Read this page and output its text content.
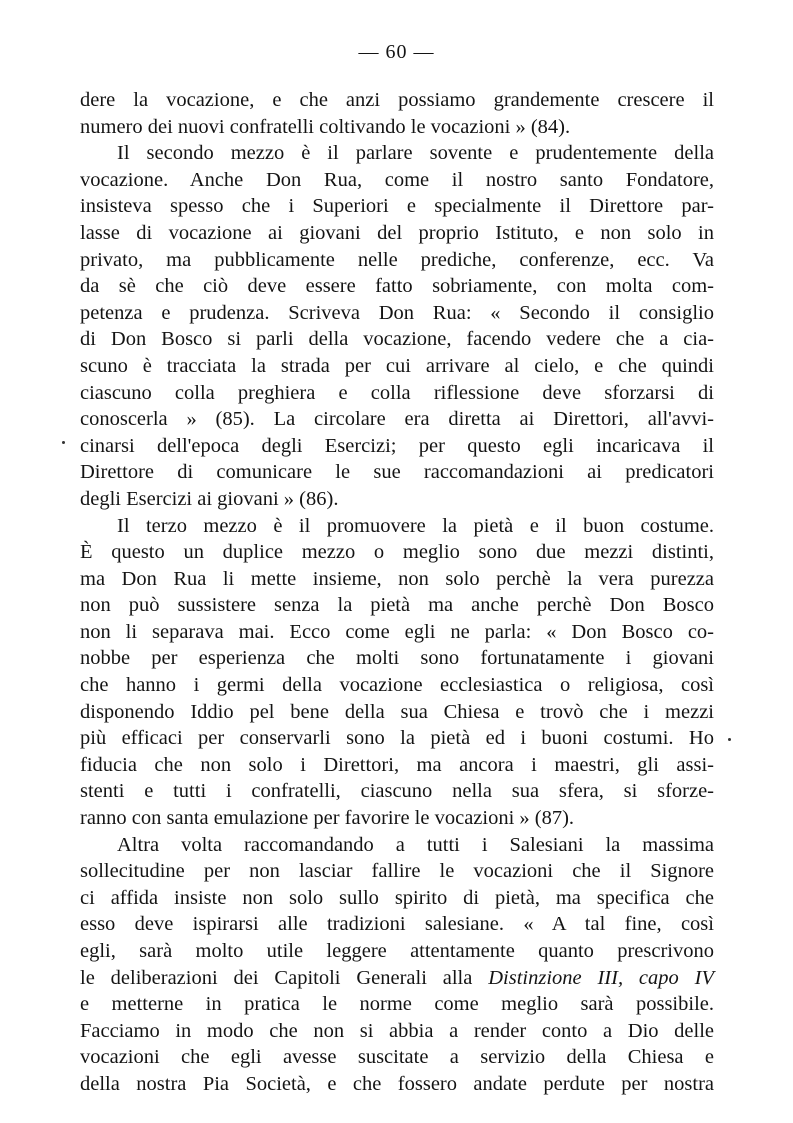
— 60 —
dere la vocazione, e che anzi possiamo grandemente crescere il
numero dei nuovi confratelli coltivando le vocazioni » (84).
Il secondo mezzo è il parlare sovente e prudentemente della
vocazione. Anche Don Rua, come il nostro santo Fondatore,
insisteva spesso che i Superiori e specialmente il Direttore par-
lasse di vocazione ai giovani del proprio Istituto, e non solo in
privato, ma pubblicamente nelle prediche, conferenze, ecc. Va
da sè che ciò deve essere fatto sobriamente, con molta com-
petenza e prudenza. Scriveva Don Rua: « Secondo il consiglio
di Don Bosco si parli della vocazione, facendo vedere che a cia-
scuno è tracciata la strada per cui arrivare al cielo, e che quindi
ciascuno colla preghiera e colla riflessione deve sforzarsi di
conoscerla » (85). La circolare era diretta ai Direttori, all'avvi-
cinarsi dell'epoca degli Esercizi; per questo egli incaricava il
Direttore di comunicare le sue raccomandazioni ai predicatori
degli Esercizi ai giovani » (86).
Il terzo mezzo è il promuovere la pietà e il buon costume.
È questo un duplice mezzo o meglio sono due mezzi distinti,
ma Don Rua li mette insieme, non solo perchè la vera purezza
non può sussistere senza la pietà ma anche perchè Don Bosco
non li separava mai. Ecco come egli ne parla: « Don Bosco co-
nobbe per esperienza che molti sono fortunatamente i giovani
che hanno i germi della vocazione ecclesiastica o religiosa, così
disponendo Iddio pel bene della sua Chiesa e trovò che i mezzi
più efficaci per conservarli sono la pietà ed i buoni costumi. Ho
fiducia che non solo i Direttori, ma ancora i maestri, gli assi-
stenti e tutti i confratelli, ciascuno nella sua sfera, si sforze-
ranno con santa emulazione per favorire le vocazioni » (87).
Altra volta raccomandando a tutti i Salesiani la massima
sollecitudine per non lasciar fallire le vocazioni che il Signore
ci affida insiste non solo sullo spirito di pietà, ma specifica che
esso deve ispirarsi alle tradizioni salesiane. « A tal fine, così
egli, sarà molto utile leggere attentamente quanto prescrivono
le deliberazioni dei Capitoli Generali alla Distinzione III, capo IV
e metterne in pratica le norme come meglio sarà possibile.
Facciamo in modo che non si abbia a render conto a Dio delle
vocazioni che egli avesse suscitate a servizio della Chiesa e
della nostra Pia Società, e che fossero andate perdute per nostra
